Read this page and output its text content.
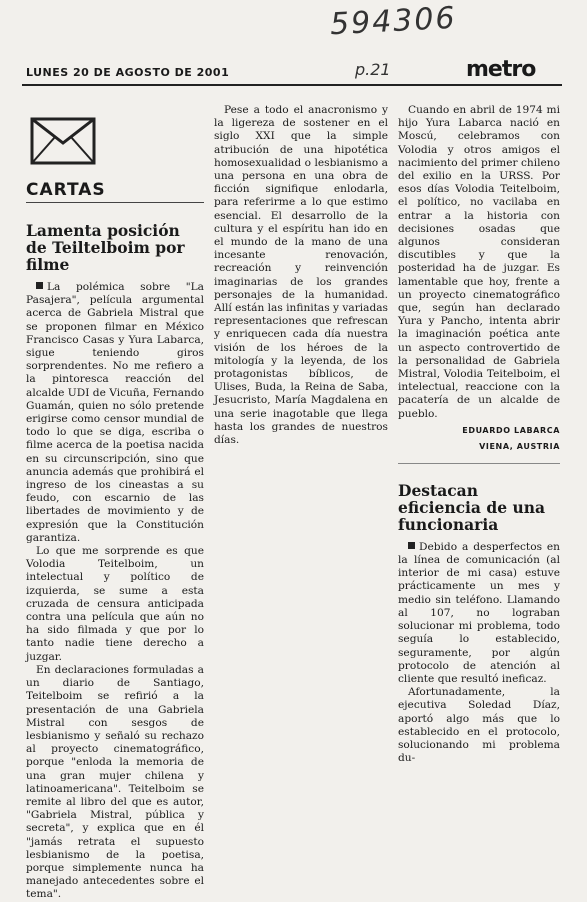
594306
p.21
LUNES 20 DE AGOSTO DE 2001	metro
CARTAS
Lamenta posición de Teiltelboim por filme

La polémica sobre "La Pasajera", película argumental acerca de Gabriela Mistral que se proponen filmar en México Francisco Casas y Yura Labarca, sigue teniendo giros sorprendentes. No me refiero a la pintoresca reacción del alcalde UDI de Vicuña, Fernando Guamán, quien no sólo pretende erigirse como censor mundial de todo lo que se diga, escriba o filme acerca de la poetisa nacida en su circunscripción, sino que anuncia además que prohibirá el ingreso de los cineastas a su feudo, con escarnio de las libertades de movimiento y de expresión que la Constitución garantiza.

Lo que me sorprende es que Volodia Teitelboim, un intelectual y político de izquierda, se sume a esta cruzada de censura anticipada contra una película que aún no ha sido filmada y que por lo tanto nadie tiene derecho a juzgar.

En declaraciones formuladas a un diario de Santiago, Teitelboim se refirió a la presentación de una Gabriela Mistral con sesgos de lesbianismo y señaló su rechazo al proyecto cinematográfico, porque "enloda la memoria de una gran mujer chilena y latinoamericana". Teitelboim se remite al libro del que es autor, "Gabriela Mistral, pública y secreta", y explica que en él "jamás retrata el supuesto lesbianismo de la poetisa, porque simplemente nunca ha manejado antecedentes sobre el tema".

Pese a todo el anacronismo y la ligereza de sostener en el siglo XXI que la simple atribución de una hipotética homosexualidad o lesbianismo a una persona en una obra de ficción signifique enlodarla, para referirme a lo que estimo esencial. El desarrollo de la cultura y el espíritu han ido en el mundo de la mano de una incesante renovación, recreación y reinvención imaginarias de los grandes personajes de la humanidad. Allí están las infinitas y variadas representaciones que refrescan y enriquecen cada día nuestra visión de los héroes de la mitología y la leyenda, de los protagonistas bíblicos, de Ulises, Buda, la Reina de Saba, Jesucristo, María Magdalena en una serie inagotable que llega hasta los grandes de nuestros días.

Cuando en abril de 1974 mi hijo Yura Labarca nació en Moscú, celebramos con Volodia y otros amigos el nacimiento del primer chileno del exilio en la URSS. Por esos días Volodia Teitelboim, el político, no vacilaba en entrar a la historia con decisiones osadas que algunos consideran discutibles y que la posteridad ha de juzgar. Es lamentable que hoy, frente a un proyecto cinematográfico que, según han declarado Yura y Pancho, intenta abrir la imaginación poética ante un aspecto controvertido de la personalidad de Gabriela Mistral, Volodia Teitelboim, el intelectual, reaccione con la pacatería de un alcalde de pueblo.

EDUARDO LABARCA
VIENA, AUSTRIA
Destacan eficiencia de una funcionaria

Debido a desperfectos en la línea de comunicación (al interior de mi casa) estuve prácticamente un mes y medio sin teléfono. Llamando al 107, no lograban solucionar mi problema, todo seguía lo establecido, seguramente, por algún protocolo de atención al cliente que resultó ineficaz.

Afortunadamente, la ejecutiva Soledad Díaz, aportó algo más que lo establecido en el protocolo, solucionando mi problema du-
